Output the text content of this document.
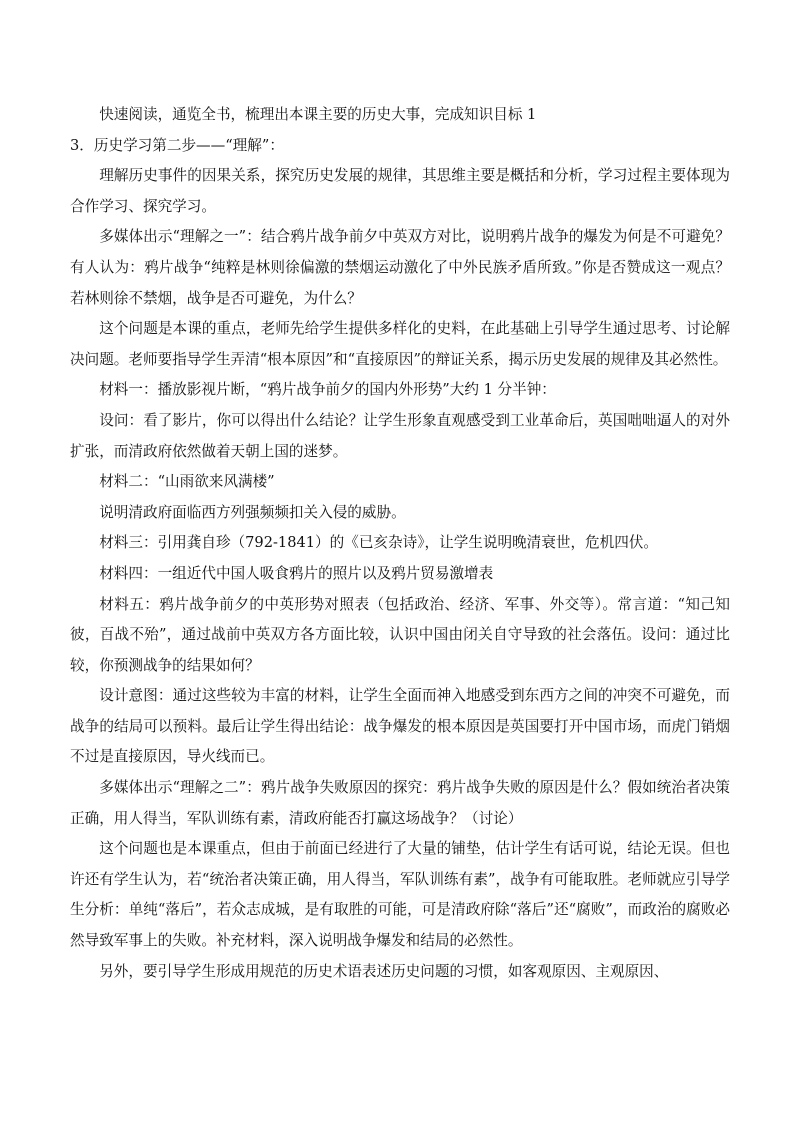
快速阅读，通览全书，梳理出本课主要的历史大事，完成知识目标 1

3．历史学习第二步——“理解”：

理解历史事件的因果关系，探究历史发展的规律，其思维主要是概括和分析，学习过程主要体现为合作学习、探究学习。

多媒体出示“理解之一”：结合鸦片战争前夕中英双方对比，说明鸦片战争的爆发为何是不可避免？有人认为：鸦片战争“纯粹是林则徐偏激的禁烟运动激化了中外民族矛盾所致。”你是否赞成这一观点？若林则徐不禁烟，战争是否可避免，为什么？

这个问题是本课的重点，老师先给学生提供多样化的史料，在此基础上引导学生通过思考、讨论解决问题。老师要指导学生弄清“根本原因”和“直接原因”的辩证关系，揭示历史发展的规律及其必然性。

材料一：播放影视片断，“鸦片战争前夕的国内外形势”大约 1 分半钟：

设问：看了影片，你可以得出什么结论？让学生形象直观感受到工业革命后，英国咄咄逼人的对外扩张，而清政府依然做着天朝上国的迷梦。

材料二：“山雨欲来风满楼”

说明清政府面临西方列强频频扣关入侵的威胁。

材料三：引用龚自珍（792-1841）的《已亥杂诗》，让学生说明晚清衰世，危机四伏。

材料四：一组近代中国人吸食鸦片的照片以及鸦片贸易激增表

材料五：鸦片战争前夕的中英形势对照表（包括政治、经济、军事、外交等）。常言道：“知己知彼，百战不殆”，通过战前中英双方各方面比较，认识中国由闭关自守导致的社会落伍。设问：通过比较，你预测战争的结果如何？

设计意图：通过这些较为丰富的材料，让学生全面而神入地感受到东西方之间的冲突不可避免，而战争的结局可以预料。最后让学生得出结论：战争爆发的根本原因是英国要打开中国市场，而虎门销烟不过是直接原因，导火线而已。

多媒体出示“理解之二”：鸦片战争失败原因的探究：鸦片战争失败的原因是什么？假如统治者决策正确，用人得当，军队训练有素，清政府能否打赢这场战争？（讨论）

这个问题也是本课重点，但由于前面已经进行了大量的铺垫，估计学生有话可说，结论无误。但也许还有学生认为，若“统治者决策正确，用人得当，军队训练有素”，战争有可能取胜。老师就应引导学生分析：单纯“落后”，若众志成城，是有取胜的可能，可是清政府除“落后”还“腐败”，而政治的腐败必然导致军事上的失败。补充材料，深入说明战争爆发和结局的必然性。

另外，要引导学生形成用规范的历史术语表述历史问题的习惯，如客观原因、主观原因、
